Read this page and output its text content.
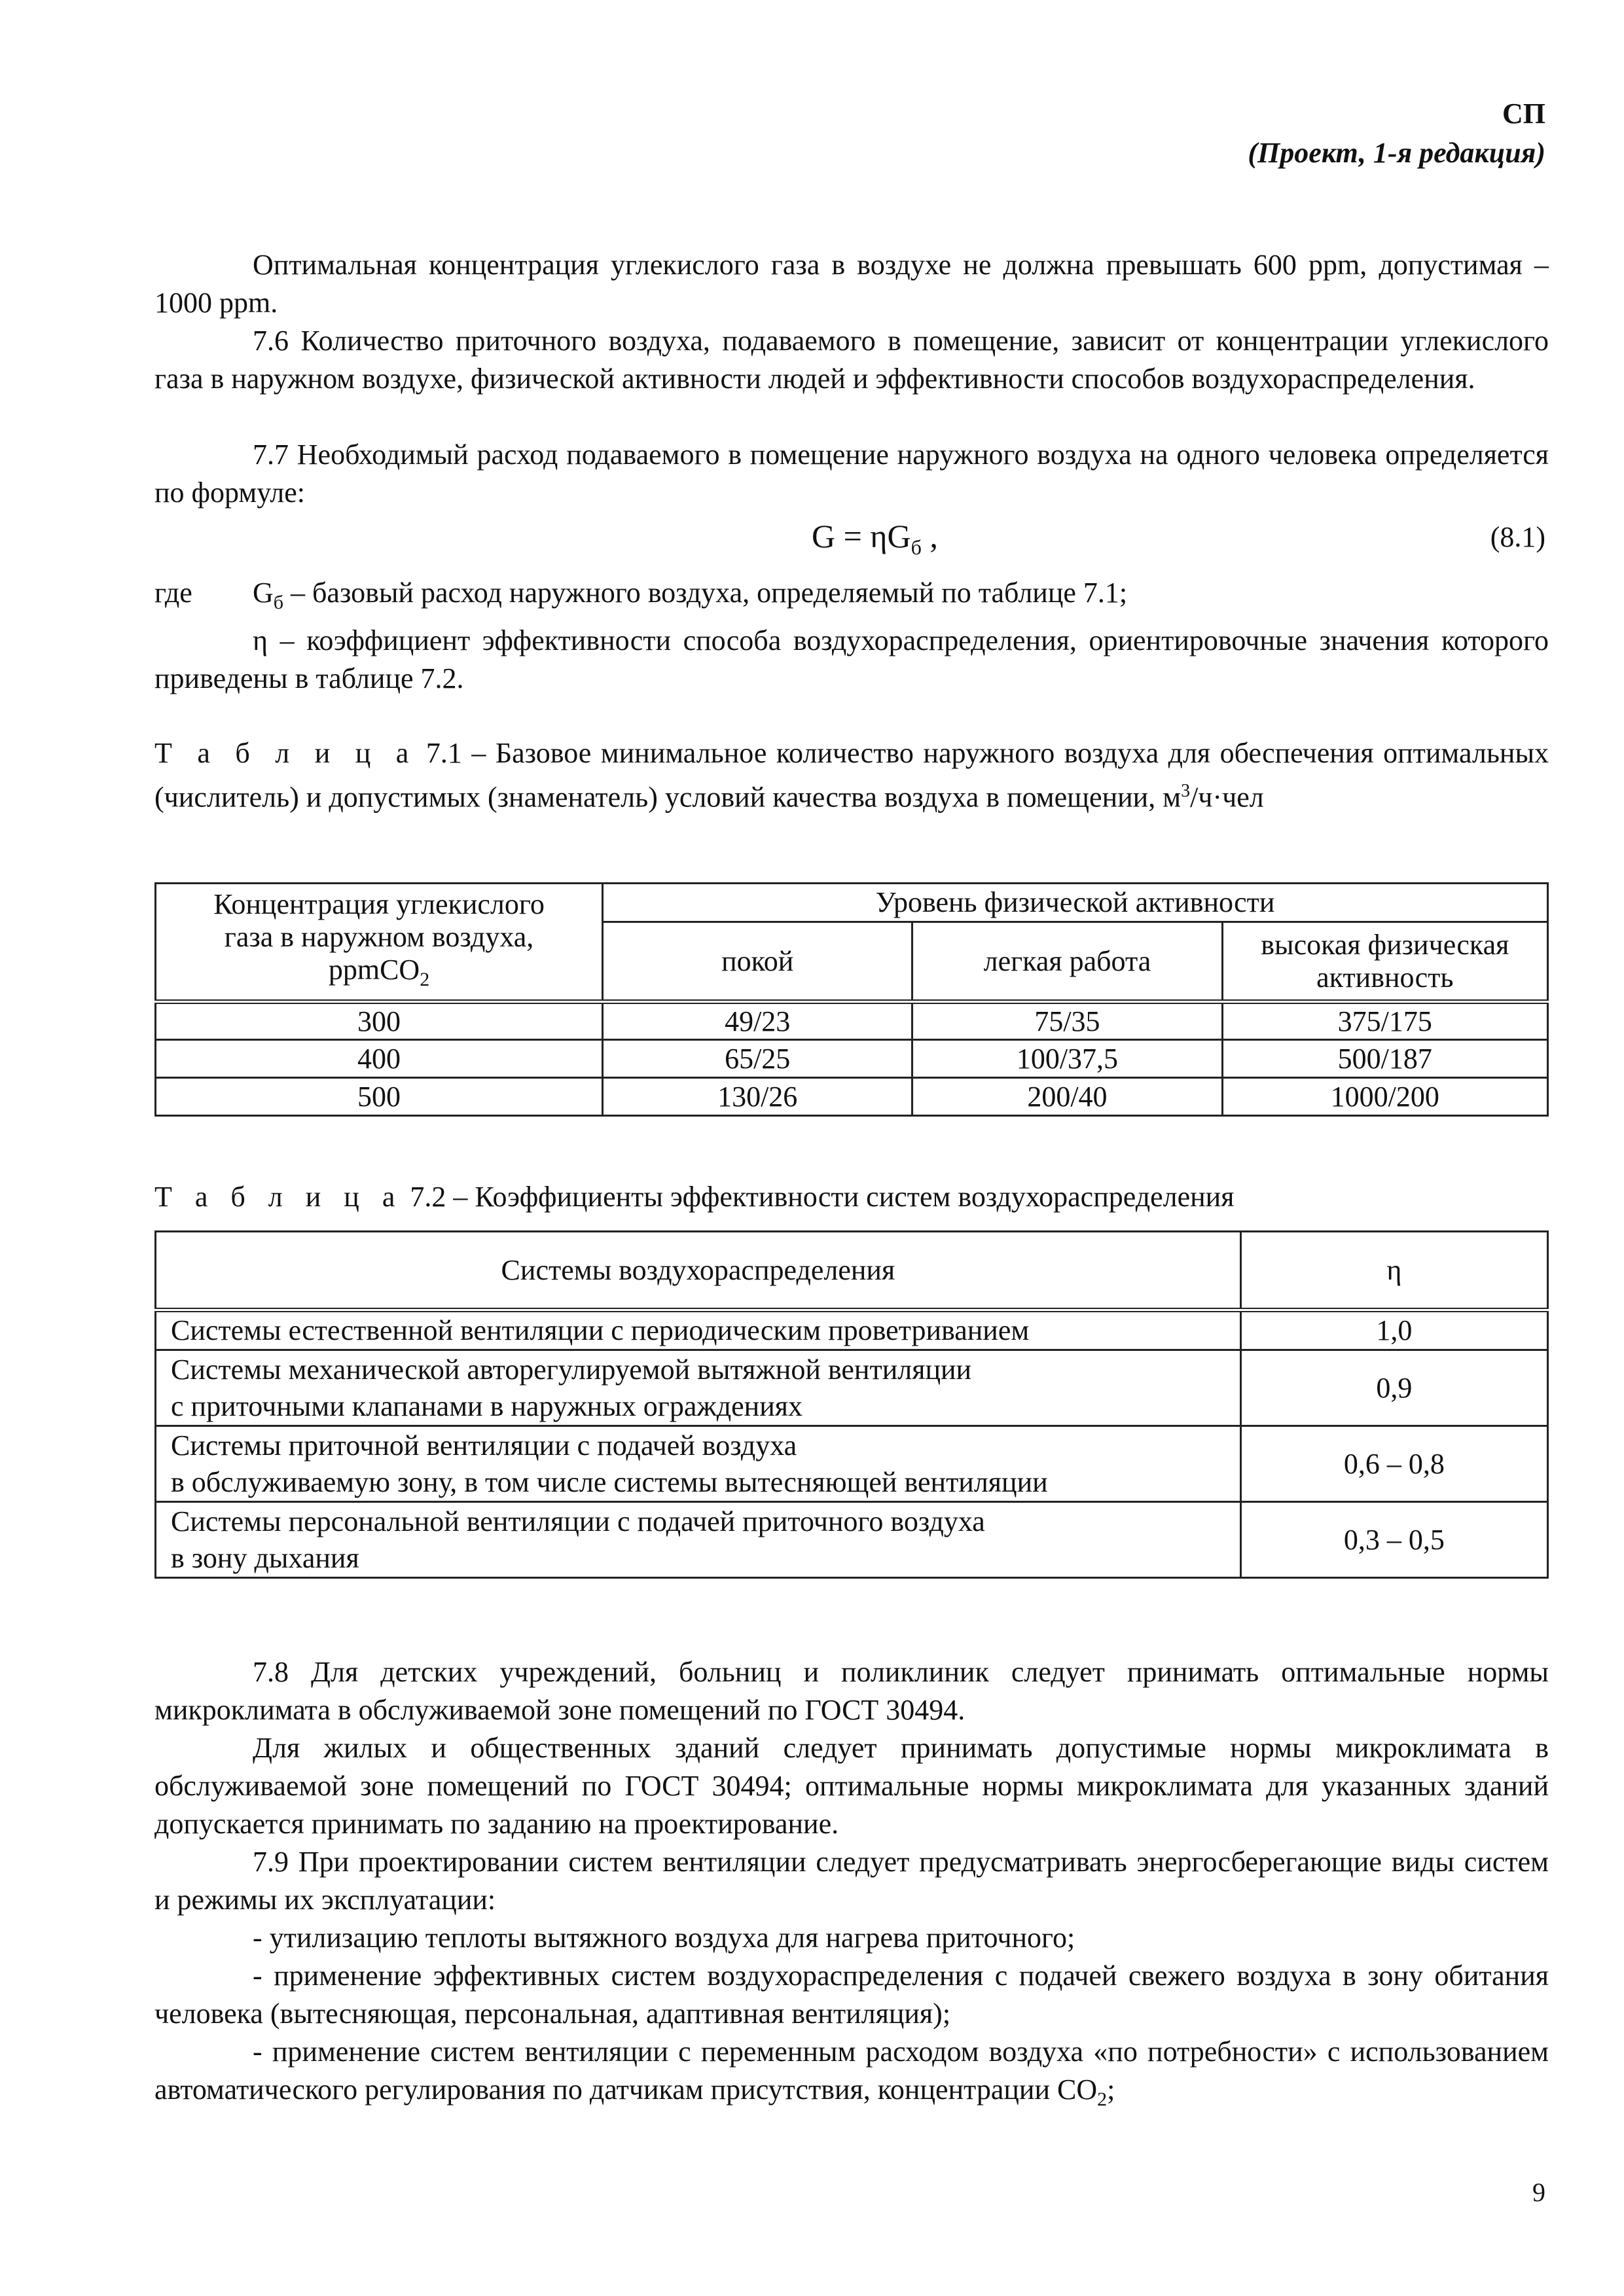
СП
(Проект, 1-я редакция)
Оптимальная концентрация углекислого газа в воздухе не должна превышать 600 ppm, допустимая – 1000 ppm.
7.6 Количество приточного воздуха, подаваемого в помещение, зависит от концентрации углекислого газа в наружном воздухе, физической активности людей и эффективности способов воздухораспределения.
7.7 Необходимый расход подаваемого в помещение наружного воздуха на одного человека определяется по формуле:
$G = \eta G_б$ ,	(8.1)
где $G_б$ – базовый расход наружного воздуха, определяемый по таблице 7.1;
η – коэффициент эффективности способа воздухораспределения, ориентировочные значения которого приведены в таблице 7.2.
Т а б л и ц а 7.1 – Базовое минимальное количество наружного воздуха для обеспечения оптимальных (числитель) и допустимых (знаменатель) условий качества воздуха в помещении, $м^3/ч\cdot чел$
Концентрация углекислого
газа в наружном воздуха,
ppmCO$_2$	Уровень физической активности		
	покой	легкая работа	высокая физическая активность
300	49/23	75/35	375/175
400	65/25	100/37,5	500/187
500	130/26	200/40	1000/200
Т а б л и ц а 7.2 – Коэффициенты эффективности систем воздухораспределения
Системы воздухораспределения	η
Системы естественной вентиляции с периодическим проветриванием	1,0
Системы механической авторегулируемой вытяжной вентиляции
с приточными клапанами в наружных ограждениях	0,9
Системы приточной вентиляции с подачей воздуха
в обслуживаемую зону, в том числе системы вытесняющей вентиляции	0,6 – 0,8
Системы персональной вентиляции с подачей приточного воздуха
в зону дыхания	0,3 – 0,5
7.8 Для детских учреждений, больниц и поликлиник следует принимать оптимальные нормы микроклимата в обслуживаемой зоне помещений по ГОСТ 30494.
Для жилых и общественных зданий следует принимать допустимые нормы микроклимата в обслуживаемой зоне помещений по ГОСТ 30494; оптимальные нормы микроклимата для указанных зданий допускается принимать по заданию на проектирование.
7.9 При проектировании систем вентиляции следует предусматривать энергосберегающие виды систем и режимы их эксплуатации:
- утилизацию теплоты вытяжного воздуха для нагрева приточного;
- применение эффективных систем воздухораспределения с подачей свежего воздуха в зону обитания человека (вытесняющая, персональная, адаптивная вентиляция);
- применение систем вентиляции с переменным расходом воздуха «по потребности» с использованием автоматического регулирования по датчикам присутствия, концентрации $CO_2$;
9
